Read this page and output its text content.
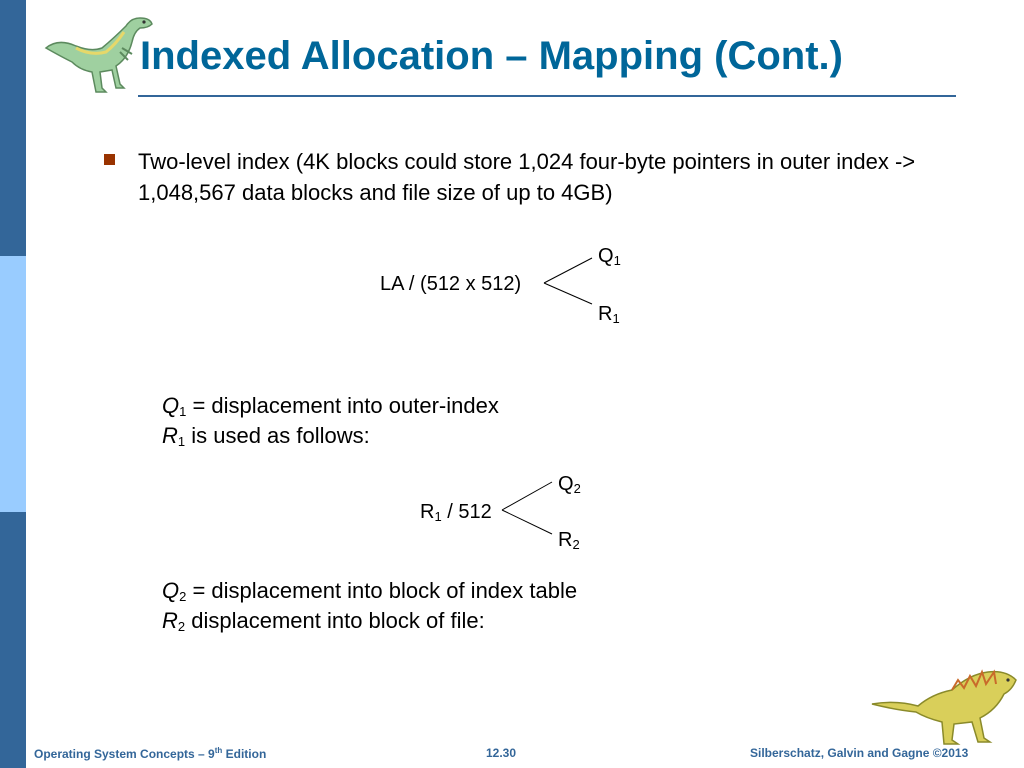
Indexed Allocation – Mapping (Cont.)

Two-level index (4K blocks could store 1,024 four-byte pointers in outer index -> 1,048,567 data blocks and file size of up to 4GB)

LA / (512 x 512)
$Q_1$
$R_1$
$Q_1$ = displacement into outer-index
$R_1$ is used as follows:
$R_1 / 512$
$Q_2$
$R_2$
$Q_2$ = displacement into block of index table
$R_2$ displacement into block of file:
Operating System Concepts – 9th Edition	12.30	Silberschatz, Galvin and Gagne ©2013
